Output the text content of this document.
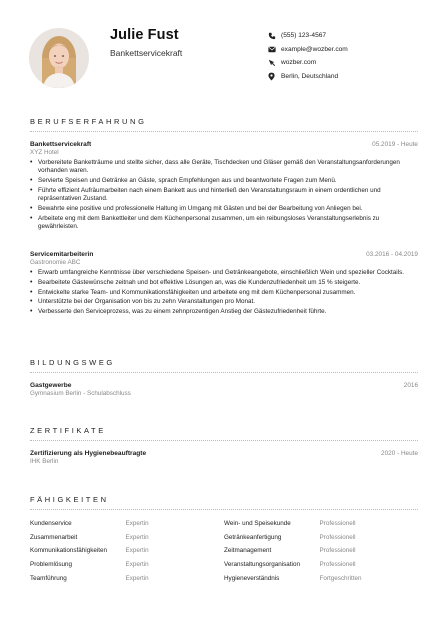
Julie Fust
Bankettservicekraft
(555) 123-4567
example@wozber.com
wozber.com
Berlin, Deutschland
BERUFSERFAHRUNG
Bankettservicekraft	05.2019 - Heute
XYZ Hotel
• Vorbereitete Banketträume und stellte sicher, dass alle Geräte, Tischdecken und Gläser gemäß den Veranstaltungsanforderungen vorhanden waren.
• Servierte Speisen und Getränke an Gäste, sprach Empfehlungen aus und beantwortete Fragen zum Menü.
• Führte effizient Aufräumarbeiten nach einem Bankett aus und hinterließ den Veranstaltungsraum in einem ordentlichen und repräsentativen Zustand.
• Bewahrte eine positive und professionelle Haltung im Umgang mit Gästen und bei der Bearbeitung von Anliegen bei.
• Arbeitete eng mit dem Bankettleiter und dem Küchenpersonal zusammen, um ein reibungsloses Veranstaltungserlebnis zu gewährleisten.
Servicemitarbeiterin	03.2016 - 04.2019
Gastronomie ABC
• Erwarb umfangreiche Kenntnisse über verschiedene Speisen- und Getränkeangebote, einschließlich Wein und spezieller Cocktails.
• Bearbeitete Gästewünsche zeitnah und bot effektive Lösungen an, was die Kundenzufriedenheit um 15 % steigerte.
• Entwickelte starke Team- und Kommunikationsfähigkeiten und arbeitete eng mit dem Küchenpersonal zusammen.
• Unterstützte bei der Organisation von bis zu zehn Veranstaltungen pro Monat.
• Verbesserte den Serviceprozess, was zu einem zehnprozentigen Anstieg der Gästezufriedenheit führte.
BILDUNGSWEG
Gastgewerbe	2016
Gymnasium Berlin - Schulabschluss
ZERTIFIKATE
Zertifizierung als Hygienebeauftragte	2020 - Heute
IHK Berlin
FÄHIGKEITEN
Kundenservice	Expertin	Wein- und Speisekunde	Professionell
Zusammenarbeit	Expertin	Getränkeanfertigung	Professionell
Kommunikationsfähigkeiten	Expertin	Zeitmanagement	Professionell
Problemlösung	Expertin	Veranstaltungsorganisation	Professionell
Teamführung	Expertin	Hygieneverständnis	Fortgeschritten
